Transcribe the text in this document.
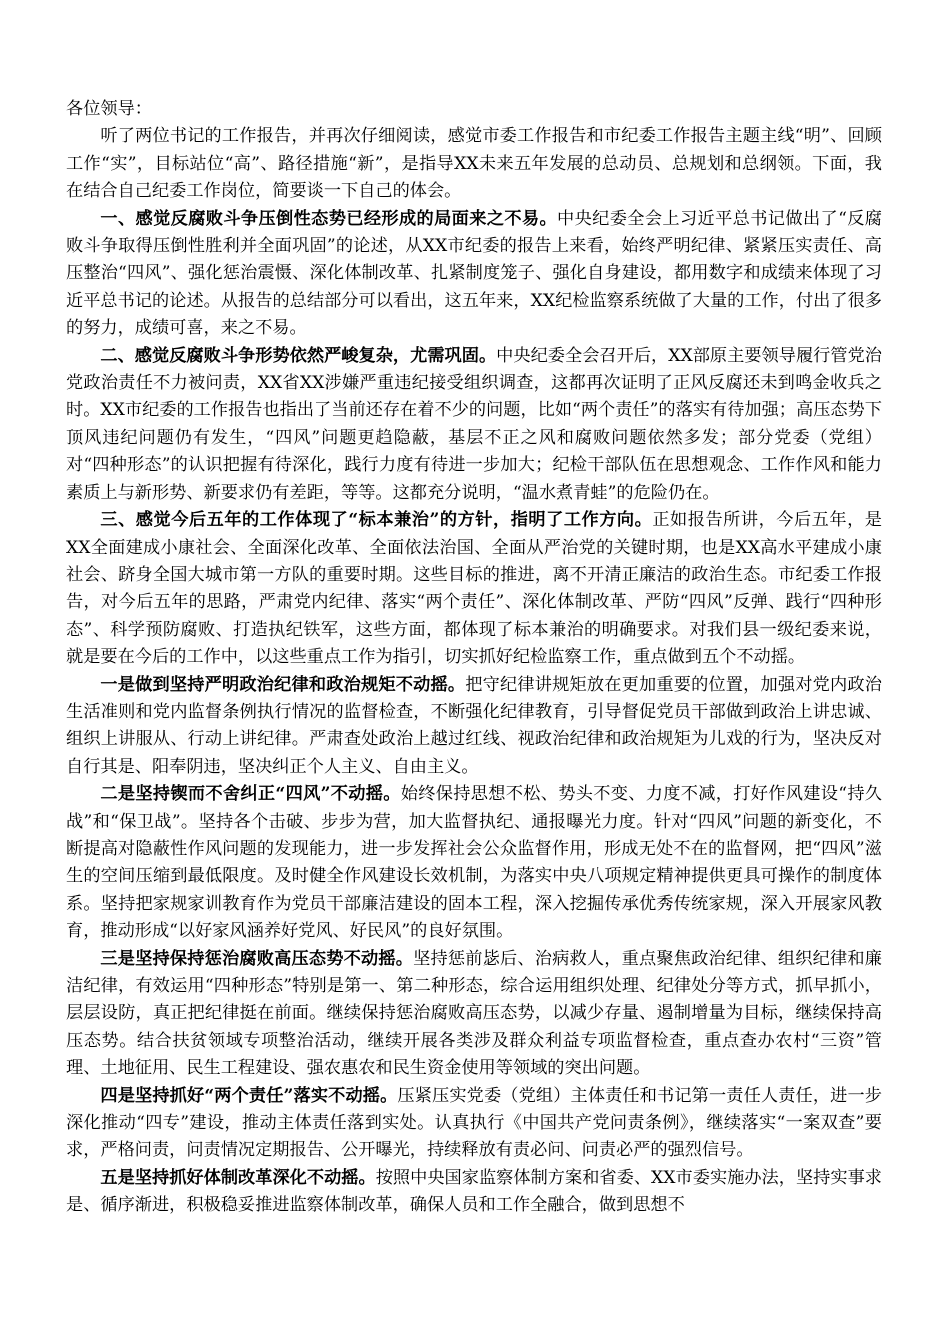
各位领导：

听了两位书记的工作报告，并再次仔细阅读，感觉市委工作报告和市纪委工作报告主题主线“明”、回顾工作“实”，目标站位“高”、路径措施“新”，是指导XX未来五年发展的总动员、总规划和总纲领。下面，我在结合自己纪委工作岗位，简要谈一下自己的体会。

一、感觉反腐败斗争压倒性态势已经形成的局面来之不易。中央纪委全会上习近平总书记做出了“反腐败斗争取得压倒性胜利并全面巩固”的论述，从XX市纪委的报告上来看，始终严明纪律、紧紧压实责任、高压整治“四风”、强化惩治震慑、深化体制改革、扎紧制度笼子、强化自身建设，都用数字和成绩来体现了习近平总书记的论述。从报告的总结部分可以看出，这五年来，XX纪检监察系统做了大量的工作，付出了很多的努力，成绩可喜，来之不易。

二、感觉反腐败斗争形势依然严峻复杂，尤需巩固。中央纪委全会召开后，XX部原主要领导履行管党治党政治责任不力被问责，XX省XX涉嫌严重违纪接受组织调查，这都再次证明了正风反腐还未到鸣金收兵之时。XX市纪委的工作报告也指出了当前还存在着不少的问题，比如“两个责任”的落实有待加强；高压态势下顶风违纪问题仍有发生，“四风”问题更趋隐蔽，基层不正之风和腐败问题依然多发；部分党委（党组）对“四种形态”的认识把握有待深化，践行力度有待进一步加大；纪检干部队伍在思想观念、工作作风和能力素质上与新形势、新要求仍有差距，等等。这都充分说明，“温水煮青蛙”的危险仍在。

三、感觉今后五年的工作体现了“标本兼治”的方针，指明了工作方向。正如报告所讲，今后五年，是XX全面建成小康社会、全面深化改革、全面依法治国、全面从严治党的关键时期，也是XX高水平建成小康社会、跻身全国大城市第一方队的重要时期。这些目标的推进，离不开清正廉洁的政治生态。市纪委工作报告，对今后五年的思路，严肃党内纪律、落实“两个责任”、深化体制改革、严防“四风”反弹、践行“四种形态”、科学预防腐败、打造执纪铁军，这些方面，都体现了标本兼治的明确要求。对我们县一级纪委来说，就是要在今后的工作中，以这些重点工作为指引，切实抓好纪检监察工作，重点做到五个不动摇。

一是做到坚持严明政治纪律和政治规矩不动摇。把守纪律讲规矩放在更加重要的位置，加强对党内政治生活准则和党内监督条例执行情况的监督检查，不断强化纪律教育，引导督促党员干部做到政治上讲忠诚、组织上讲服从、行动上讲纪律。严肃查处政治上越过红线、视政治纪律和政治规矩为儿戏的行为，坚决反对自行其是、阳奉阴违，坚决纠正个人主义、自由主义。

二是坚持锲而不舍纠正“四风”不动摇。始终保持思想不松、势头不变、力度不减，打好作风建设“持久战”和“保卫战”。坚持各个击破、步步为营，加大监督执纪、通报曝光力度。针对“四风”问题的新变化，不断提高对隐蔽性作风问题的发现能力，进一步发挥社会公众监督作用，形成无处不在的监督网，把“四风”滋生的空间压缩到最低限度。及时健全作风建设长效机制，为落实中央八项规定精神提供更具可操作的制度体系。坚持把家规家训教育作为党员干部廉洁建设的固本工程，深入挖掘传承优秀传统家规，深入开展家风教育，推动形成“以好家风涵养好党风、好民风”的良好氛围。

三是坚持保持惩治腐败高压态势不动摇。坚持惩前毖后、治病救人，重点聚焦政治纪律、组织纪律和廉洁纪律，有效运用“四种形态”特别是第一、第二种形态，综合运用组织处理、纪律处分等方式，抓早抓小，层层设防，真正把纪律挺在前面。继续保持惩治腐败高压态势，以减少存量、遏制增量为目标，继续保持高压态势。结合扶贫领域专项整治活动，继续开展各类涉及群众利益专项监督检查，重点查办农村“三资”管理、土地征用、民生工程建设、强农惠农和民生资金使用等领域的突出问题。

四是坚持抓好“两个责任”落实不动摇。压紧压实党委（党组）主体责任和书记第一责任人责任，进一步深化推动“四专”建设，推动主体责任落到实处。认真执行《中国共产党问责条例》，继续落实“一案双查”要求，严格问责，问责情况定期报告、公开曝光，持续释放有责必问、问责必严的强烈信号。

五是坚持抓好体制改革深化不动摇。按照中央国家监察体制方案和省委、XX市委实施办法，坚持实事求是、循序渐进，积极稳妥推进监察体制改革，确保人员和工作全融合，做到思想不
